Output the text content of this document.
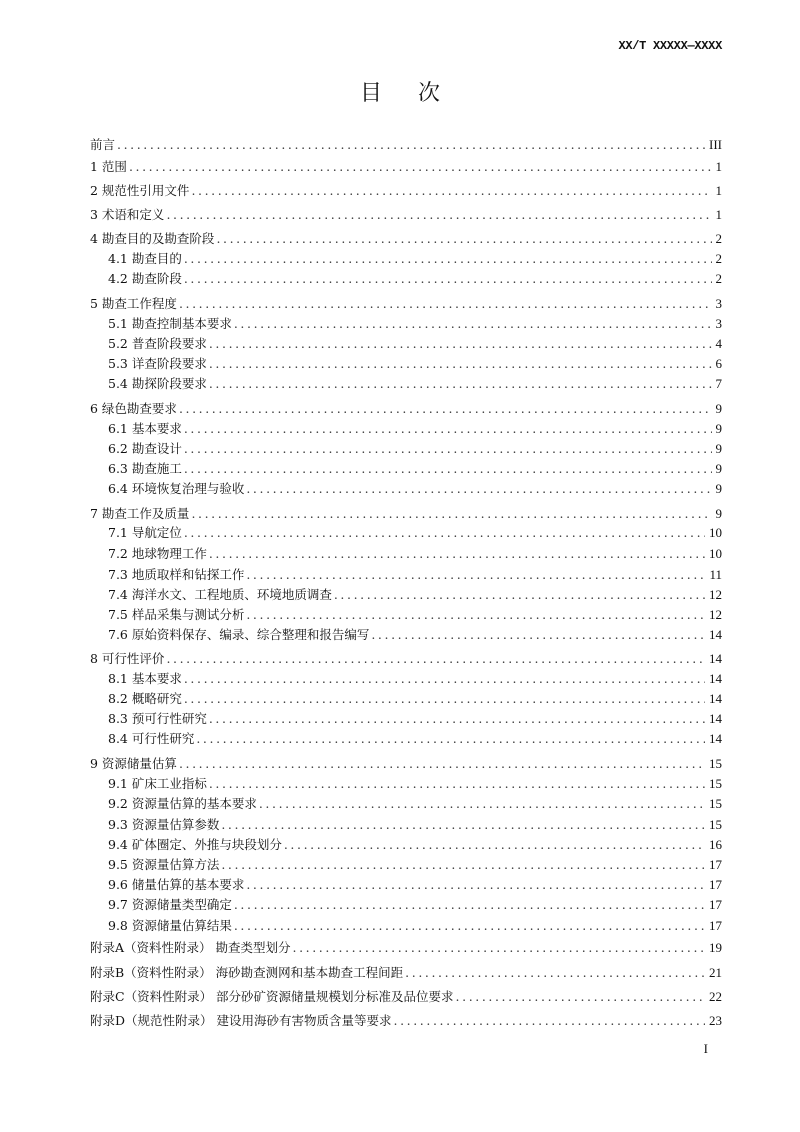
XX/T XXXXX—XXXX
目 次
前言 .....	III
1 范围 .....	1
2 规范性引用文件 .....	1
3 术语和定义 .....	1
4 勘查目的及勘查阶段 .....	2
4.1 勘查目的 .....	2
4.2 勘查阶段 .....	2
5 勘查工作程度 .....	3
5.1 勘查控制基本要求 .....	3
5.2 普查阶段要求 .....	4
5.3 详查阶段要求 .....	6
5.4 勘探阶段要求 .....	7
6 绿色勘查要求 .....	9
6.1 基本要求 .....	9
6.2 勘查设计 .....	9
6.3 勘查施工 .....	9
6.4 环境恢复治理与验收 .....	9
7 勘查工作及质量 .....	9
7.1 导航定位 .....	10
7.2 地球物理工作 .....	10
7.3 地质取样和钻探工作 .....	11
7.4 海洋水文、工程地质、环境地质调查 .....	12
7.5 样品采集与测试分析 .....	12
7.6 原始资料保存、编录、综合整理和报告编写 .....	14
8 可行性评价 .....	14
8.1 基本要求 .....	14
8.2 概略研究 .....	14
8.3 预可行性研究 .....	14
8.4 可行性研究 .....	14
9 资源储量估算 .....	15
9.1 矿床工业指标 .....	15
9.2 资源量估算的基本要求 .....	15
9.3 资源量估算参数 .....	15
9.4 矿体圈定、外推与块段划分 .....	16
9.5 资源量估算方法 .....	17
9.6 储量估算的基本要求 .....	17
9.7 资源储量类型确定 .....	17
9.8 资源储量估算结果 .....	17
附录A（资料性附录） 勘查类型划分 .....	19
附录B（资料性附录） 海砂勘查测网和基本勘查工程间距 .....	21
附录C（资料性附录） 部分砂矿资源储量规模划分标准及品位要求 .....	22
附录D（规范性附录） 建设用海砂有害物质含量等要求 .....	23
I
